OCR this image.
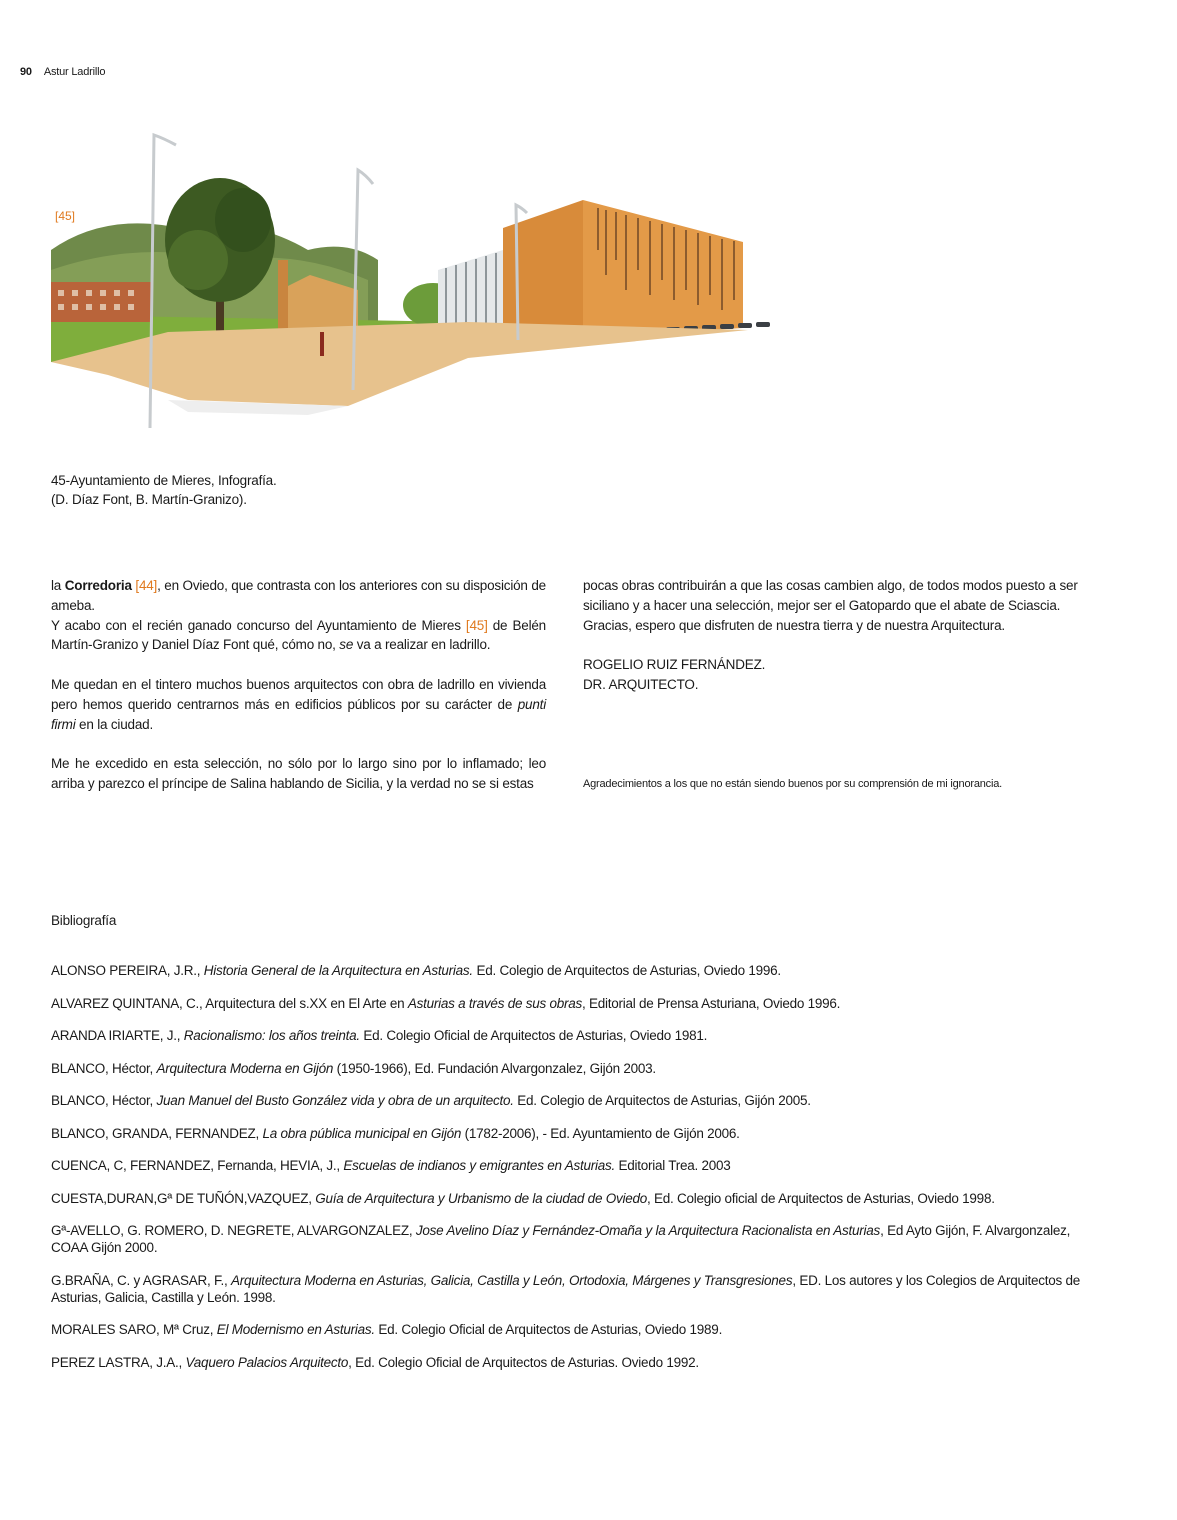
90 Astur Ladrillo
[45]
45-Ayuntamiento de Mieres, Infografía.
(D. Díaz Font, B. Martín-Granizo).

la Corredoria [44], en Oviedo, que contrasta con los anteriores con su disposición de ameba.

Y acabo con el recién ganado concurso del Ayuntamiento de Mieres [45] de Belén Martín-Granizo y Daniel Díaz Font qué, cómo no, se va a realizar en ladrillo.

Me quedan en el tintero muchos buenos arquitectos con obra de ladrillo en vivienda pero hemos querido centrarnos más en edificios públicos por su carácter de punti firmi en la ciudad.

Me he excedido en esta selección, no sólo por lo largo sino por lo inflamado; leo arriba y parezco el príncipe de Salina hablando de Sicilia, y la verdad no se si estas

pocas obras contribuirán a que las cosas cambien algo, de todos modos puesto a ser siciliano y a hacer una selección, mejor ser el Gatopardo que el abate de Sciascia.

Gracias, espero que disfruten de nuestra tierra y de nuestra Arquitectura.

ROGELIO RUIZ FERNÁNDEZ.
DR. ARQUITECTO.
Agradecimientos a los que no están siendo buenos por su comprensión de mi ignorancia.
Bibliografía
ALONSO PEREIRA, J.R., Historia General de la Arquitectura en Asturias. Ed. Colegio de Arquitectos de Asturias, Oviedo 1996.
ALVAREZ QUINTANA, C., Arquitectura del s.XX en El Arte en Asturias a través de sus obras, Editorial de Prensa Asturiana, Oviedo 1996.
ARANDA IRIARTE, J., Racionalismo: los años treinta. Ed. Colegio Oficial de Arquitectos de Asturias, Oviedo 1981.
BLANCO, Héctor, Arquitectura Moderna en Gijón (1950-1966), Ed. Fundación Alvargonzalez, Gijón 2003.
BLANCO, Héctor, Juan Manuel del Busto González vida y obra de un arquitecto. Ed. Colegio de Arquitectos de Asturias, Gijón 2005.
BLANCO, GRANDA, FERNANDEZ, La obra pública municipal en Gijón (1782-2006), - Ed. Ayuntamiento de Gijón 2006.
CUENCA, C, FERNANDEZ, Fernanda, HEVIA, J., Escuelas de indianos y emigrantes en Asturias. Editorial Trea. 2003
CUESTA,DURAN,Gª DE TUÑÓN,VAZQUEZ, Guía de Arquitectura y Urbanismo de la ciudad de Oviedo, Ed. Colegio oficial de Arquitectos de Asturias, Oviedo 1998.
Gª-AVELLO, G. ROMERO, D. NEGRETE, ALVARGONZALEZ, Jose Avelino Díaz y Fernández-Omaña y la Arquitectura Racionalista en Asturias, Ed Ayto Gijón, F. Alvargonzalez, COAA Gijón 2000.
G.BRAÑA, C. y AGRASAR, F., Arquitectura Moderna en Asturias, Galicia, Castilla y León, Ortodoxia, Márgenes y Transgresiones, ED. Los autores y los Colegios de Arquitectos de Asturias, Galicia, Castilla y León. 1998.
MORALES SARO, Mª Cruz, El Modernismo en Asturias. Ed. Colegio Oficial de Arquitectos de Asturias, Oviedo 1989.
PEREZ LASTRA, J.A., Vaquero Palacios Arquitecto, Ed. Colegio Oficial de Arquitectos de Asturias. Oviedo 1992.
